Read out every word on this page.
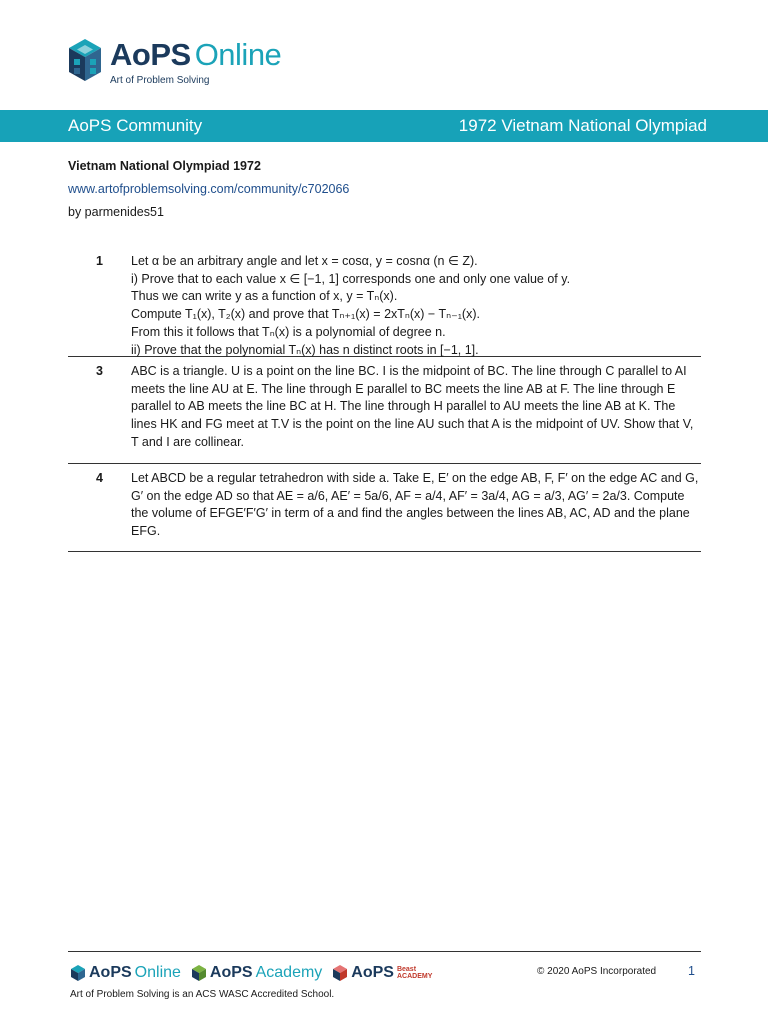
AoPS Online
Art of Problem Solving
AoPS Community	1972 Vietnam National Olympiad
Vietnam National Olympiad 1972
www.artofproblemsolving.com/community/c702066
by parmenides51
1	Let α be an arbitrary angle and let x = cosα, y = cosnα (n ∈ Z).
i) Prove that to each value x ∈ [−1, 1] corresponds one and only one value of y.
Thus we can write y as a function of x, y = Tₙ(x).
Compute T₁(x), T₂(x) and prove that Tₙ₊₁(x) = 2xTₙ(x) − Tₙ₋₁(x).
From this it follows that Tₙ(x) is a polynomial of degree n.
ii) Prove that the polynomial Tₙ(x) has n distinct roots in [−1, 1].
3	ABC is a triangle. U is a point on the line BC. I is the midpoint of BC. The line through C parallel to AI meets the line AU at E. The line through E parallel to BC meets the line AB at F. The line through E parallel to AB meets the line BC at H. The line through H parallel to AU meets the line AB at K. The lines HK and FG meet at T.V is the point on the line AU such that A is the midpoint of UV. Show that V, T and I are collinear.
4	Let ABCD be a regular tetrahedron with side a. Take E, E′ on the edge AB, F, F′ on the edge AC and G, G′ on the edge AD so that AE = a/6, AE′ = 5a/6, AF = a/4, AF′ = 3a/4, AG = a/3, AG′ = 2a/3. Compute the volume of EFGE′F′G′ in term of a and find the angles between the lines AB, AC, AD and the plane EFG.
AoPS Online AoPS Academy AoPS Beast
ACADEMY	© 2020 AoPS Incorporated	1
Art of Problem Solving is an ACS WASC Accredited School.
